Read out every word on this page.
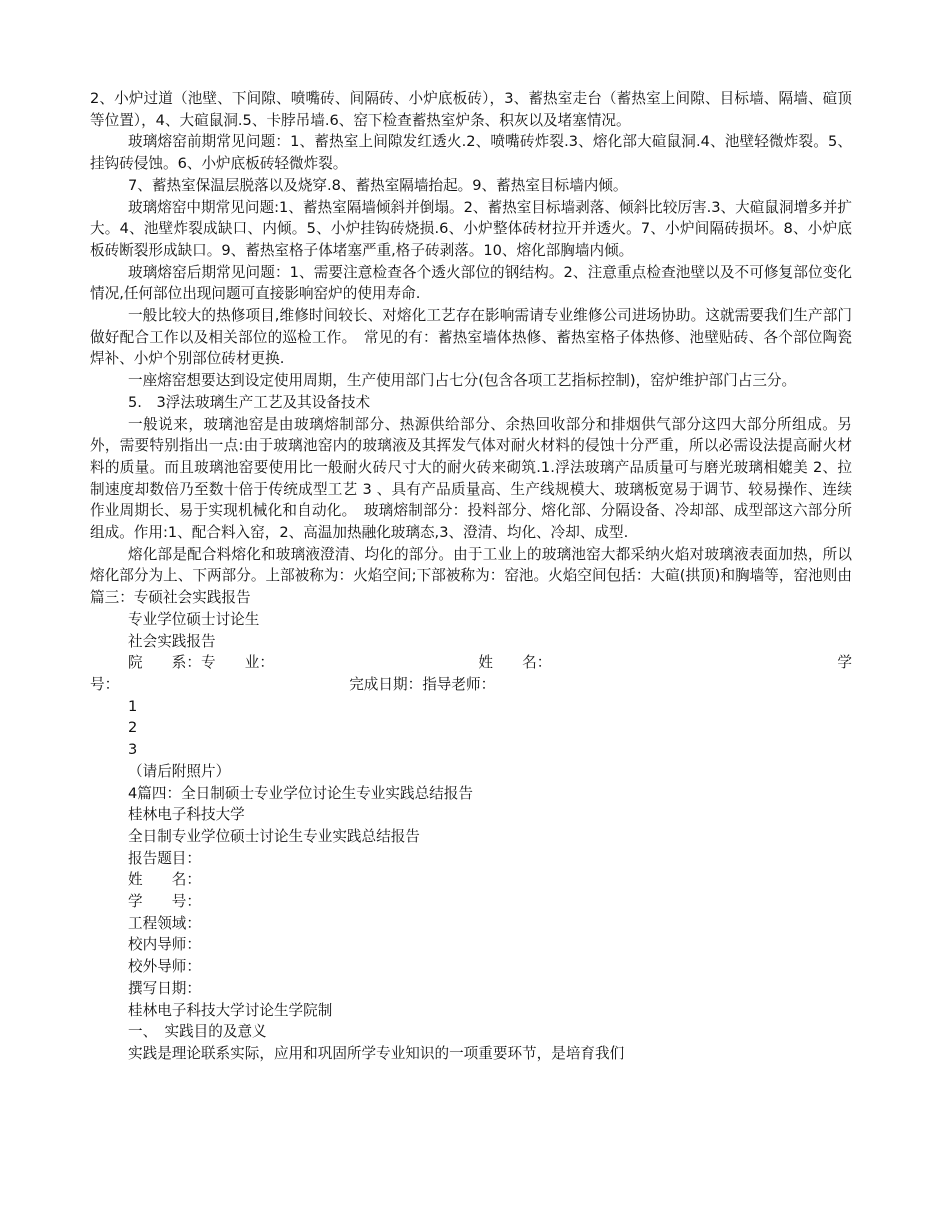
2、小炉过道（池壁、下间隙、喷嘴砖、间隔砖、小炉底板砖），3、蓄热室走台（蓄热室上间隙、目标墙、隔墙、碹顶等位置），4、大碹鼠洞.5、卡脖吊墙.6、窑下检查蓄热室炉条、积灰以及堵塞情况。

玻璃熔窑前期常见问题：1、蓄热室上间隙发红透火.2、喷嘴砖炸裂.3、熔化部大碹鼠洞.4、池壁轻微炸裂。5、挂钩砖侵蚀。6、小炉底板砖轻微炸裂。

7、蓄热室保温层脱落以及烧穿.8、蓄热室隔墙抬起。9、蓄热室目标墙内倾。

玻璃熔窑中期常见问题:1、蓄热室隔墙倾斜并倒塌。2、蓄热室目标墙剥落、倾斜比较厉害.3、大碹鼠洞增多并扩大。4、池壁炸裂成缺口、内倾。5、小炉挂钩砖烧损.6、小炉整体砖材拉开并透火。7、小炉间隔砖损坏。8、小炉底板砖断裂形成缺口。9、蓄热室格子体堵塞严重,格子砖剥落。10、熔化部胸墙内倾。

玻璃熔窑后期常见问题：1、需要注意检查各个透火部位的钢结构。2、注意重点检查池壁以及不可修复部位变化情况,任何部位出现问题可直接影响窑炉的使用寿命.

一般比较大的热修项目,维修时间较长、对熔化工艺存在影响需请专业维修公司进场协助。这就需要我们生产部门做好配合工作以及相关部位的巡检工作。　常见的有：蓄热室墙体热修、蓄热室格子体热修、池壁贴砖、各个部位陶瓷焊补、小炉个别部位砖材更换.

一座熔窑想要达到设定使用周期，生产使用部门占七分(包含各项工艺指标控制)，窑炉维护部门占三分。

5.　3浮法玻璃生产工艺及其设备技术

一般说来，玻璃池窑是由玻璃熔制部分、热源供给部分、余热回收部分和排烟供气部分这四大部分所组成。另外，需要特别指出一点:由于玻璃池窑内的玻璃液及其挥发气体对耐火材料的侵蚀十分严重，所以必需设法提高耐火材料的质量。而且玻璃池窑要使用比一般耐火砖尺寸大的耐火砖来砌筑.1.浮法玻璃产品质量可与磨光玻璃相媲美 2、拉制速度却数倍乃至数十倍于传统成型工艺 3 、具有产品质量高、生产线规模大、玻璃板宽易于调节、较易操作、连续作业周期长、易于实现机械化和自动化。　玻璃熔制部分：投料部分、熔化部、分隔设备、冷却部、成型部这六部分所组成。作用:1、配合料入窑，2、高温加热融化玻璃态,3、澄清、均化、冷却、成型.

熔化部是配合料熔化和玻璃液澄清、均化的部分。由于工业上的玻璃池窑大都采纳火焰对玻璃液表面加热，所以熔化部分为上、下两部分。上部被称为：火焰空间;下部被称为：窑池。火焰空间包括：大碹(拱顶)和胸墙等，窑池则由篇三：专硕社会实践报告

专业学位硕士讨论生

社会实践报告

院　　系： 专　　业：	姓　　名：	学
号：	完成日期： 指导老师：

1

2

3

（请后附照片）

4篇四：全日制硕士专业学位讨论生专业实践总结报告

桂林电子科技大学

全日制专业学位硕士讨论生专业实践总结报告

报告题目：

姓　　名：

学　　号：

工程领域：

校内导师：

校外导师：

撰写日期：

桂林电子科技大学讨论生学院制

一、　实践目的及意义

实践是理论联系实际，应用和巩固所学专业知识的一项重要环节，是培育我们
